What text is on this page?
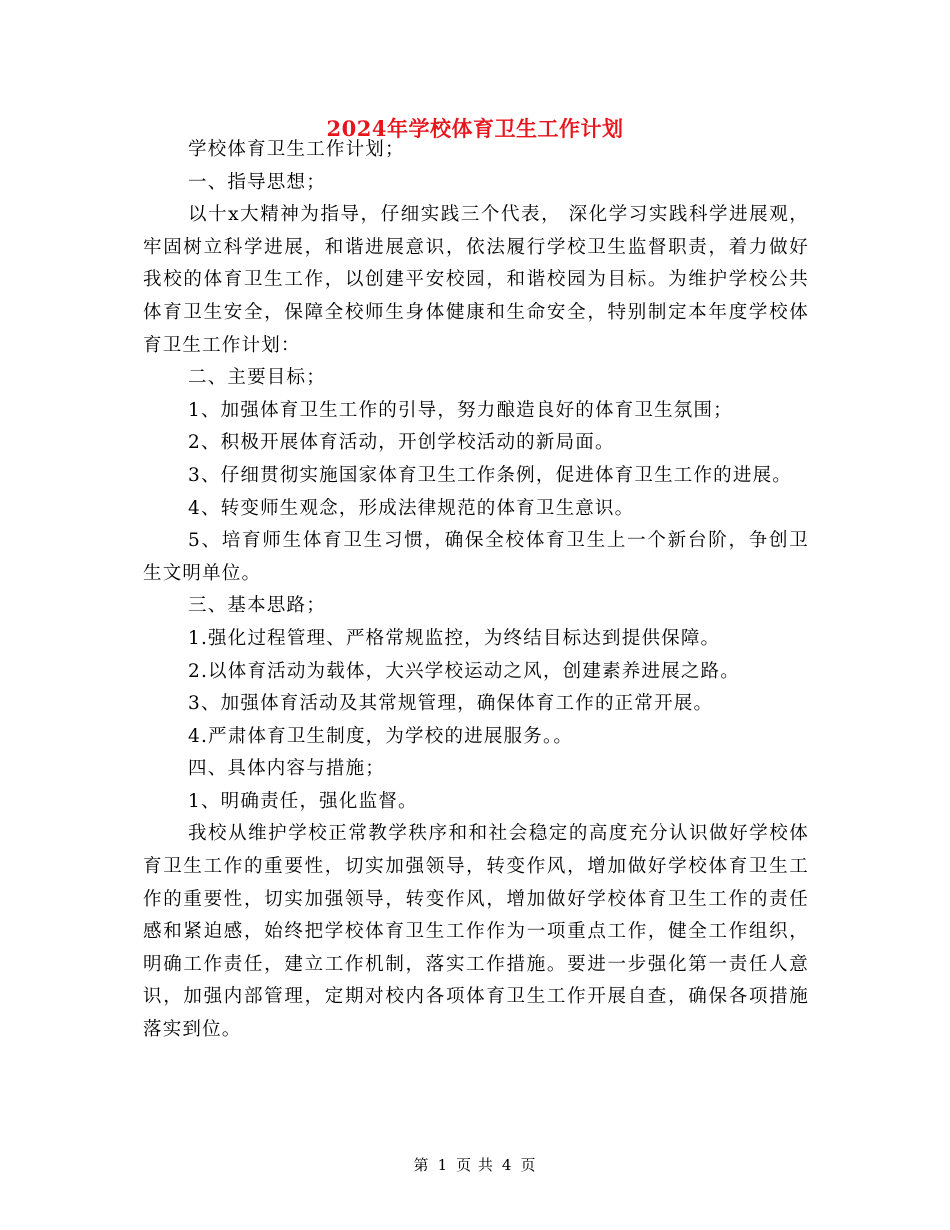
2024年学校体育卫生工作计划

学校体育卫生工作计划；

一、指导思想；

以十x大精神为指导，仔细实践三个代表， 深化学习实践科学进展观，牢固树立科学进展，和谐进展意识，依法履行学校卫生监督职责，着力做好我校的体育卫生工作，以创建平安校园，和谐校园为目标。为维护学校公共体育卫生安全，保障全校师生身体健康和生命安全，特别制定本年度学校体育卫生工作计划：

二、主要目标；

1、加强体育卫生工作的引导，努力酿造良好的体育卫生氛围；

2、积极开展体育活动，开创学校活动的新局面。

3、仔细贯彻实施国家体育卫生工作条例，促进体育卫生工作的进展。

4、转变师生观念，形成法律规范的体育卫生意识。

5、培育师生体育卫生习惯，确保全校体育卫生上一个新台阶，争创卫生文明单位。

三、基本思路；

1.强化过程管理、严格常规监控，为终结目标达到提供保障。

2.以体育活动为载体，大兴学校运动之风，创建素养进展之路。

3、加强体育活动及其常规管理，确保体育工作的正常开展。

4.严肃体育卫生制度，为学校的进展服务。。

四、具体内容与措施；

1、明确责任，强化监督。

我校从维护学校正常教学秩序和和社会稳定的高度充分认识做好学校体育卫生工作的重要性，切实加强领导，转变作风，增加做好学校体育卫生工作的重要性，切实加强领导，转变作风，增加做好学校体育卫生工作的责任感和紧迫感，始终把学校体育卫生工作作为一项重点工作，健全工作组织，明确工作责任，建立工作机制，落实工作措施。要进一步强化第一责任人意识，加强内部管理，定期对校内各项体育卫生工作开展自查，确保各项措施落实到位。

第 1 页 共 4 页
